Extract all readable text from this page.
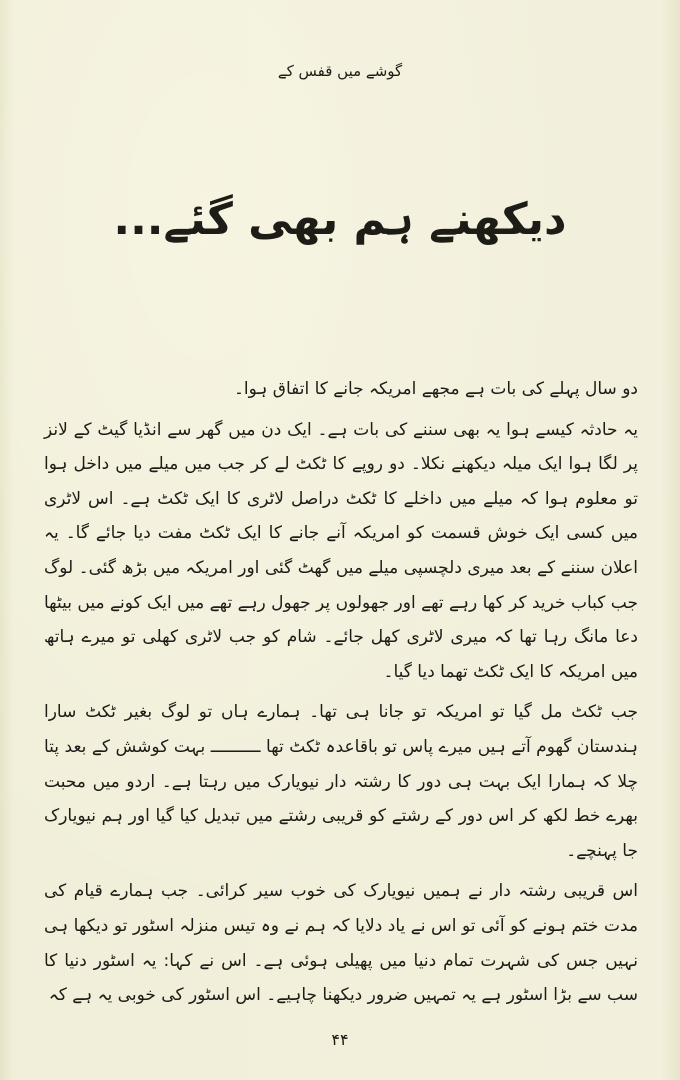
گوشے میں قفس کے
دیکھنے ہم بھی گئے...

دو سال پہلے کی بات ہے مجھے امریکہ جانے کا اتفاق ہوا۔

یہ حادثہ کیسے ہوا یہ بھی سننے کی بات ہے۔ ایک دن میں گھر سے انڈیا گیٹ کے لانز پر لگا ہوا ایک میلہ دیکھنے نکلا۔ دو روپے کا ٹکٹ لے کر جب میں میلے میں داخل ہوا تو معلوم ہوا کہ میلے میں داخلے کا ٹکٹ دراصل لاٹری کا ایک ٹکٹ ہے۔ اس لاٹری میں کسی ایک خوش قسمت کو امریکہ آنے جانے کا ایک ٹکٹ مفت دیا جائے گا۔ یہ اعلان سننے کے بعد میری دلچسپی میلے میں گھٹ گئی اور امریکہ میں بڑھ گئی۔ لوگ جب کباب خرید کر کھا رہے تھے اور جھولوں پر جھول رہے تھے میں ایک کونے میں بیٹھا دعا مانگ رہا تھا کہ میری لاٹری کھل جائے۔ شام کو جب لاٹری کھلی تو میرے ہاتھ میں امریکہ کا ایک ٹکٹ تھما دیا گیا۔

جب ٹکٹ مل گیا تو امریکہ تو جانا ہی تھا۔ ہمارے ہاں تو لوگ بغیر ٹکٹ سارا ہندستان گھوم آتے ہیں میرے پاس تو باقاعدہ ٹکٹ تھا ــــــــــ بہت کوشش کے بعد پتا چلا کہ ہمارا ایک بہت ہی دور کا رشتہ دار نیویارک میں رہتا ہے۔ اردو میں محبت بھرے خط لکھ کر اس دور کے رشتے کو قریبی رشتے میں تبدیل کیا گیا اور ہم نیویارک جا پہنچے۔

اس قریبی رشتہ دار نے ہمیں نیویارک کی خوب سیر کرائی۔ جب ہمارے قیام کی مدت ختم ہونے کو آئی تو اس نے یاد دلایا کہ ہم نے وہ تیس منزلہ اسٹور تو دیکھا ہی نہیں جس کی شہرت تمام دنیا میں پھیلی ہوئی ہے۔ اس نے کہا: یہ اسٹور دنیا کا سب سے بڑا اسٹور ہے یہ تمہیں ضرور دیکھنا چاہیے۔ اس اسٹور کی خوبی یہ ہے کہ

۴۴
